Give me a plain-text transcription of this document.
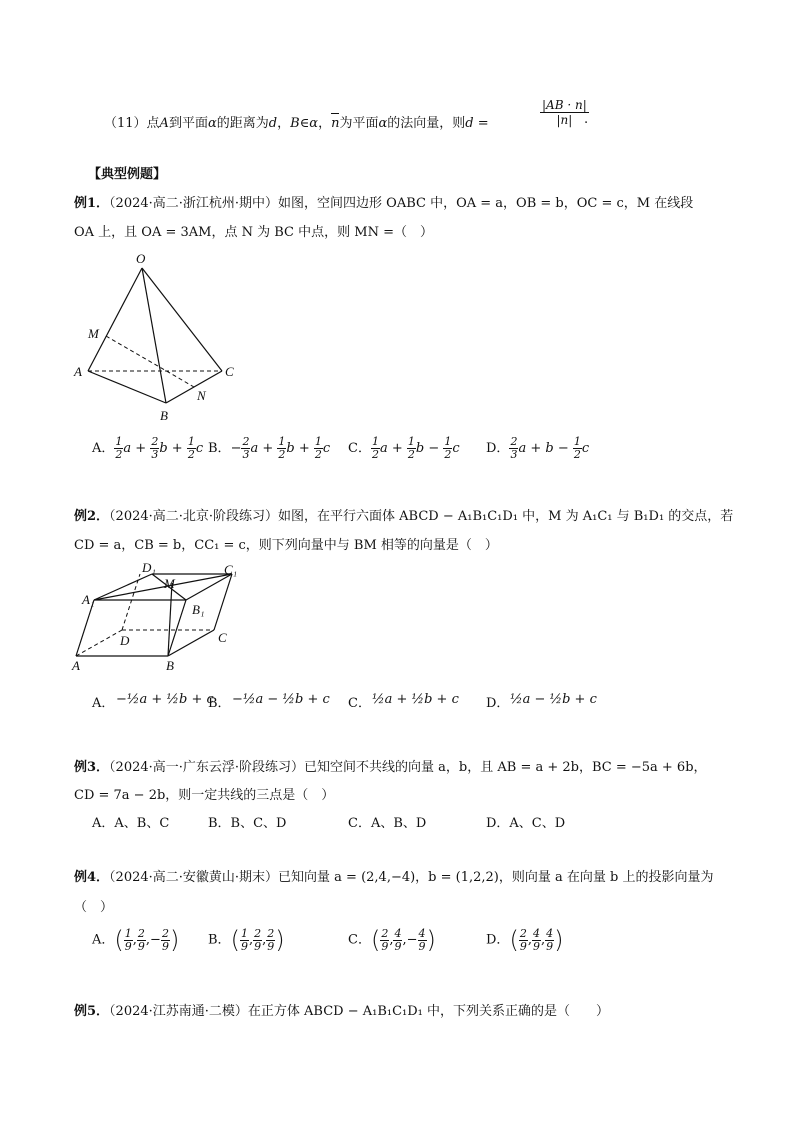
（11）点A到平面α的距离为d，B∈α，n为平面α的法向量，则d =	$\frac{|AB \cdot n|}{|n|}$
.
【典型例题】
例1．（2024·高二·浙江杭州·期中）如图，空间四边形 OABC 中，OA = a，OB = b，OC = c，M 在线段
OA 上，且 OA = 3AM，点 N 为 BC 中点，则 MN =（　）
O
M
A	C
B
N
A． $\frac{1}{2}$ $a + \frac{2}{3}$ $b + \frac{1}{2}$ c B．− $\frac{2}{3}$ $a + \frac{1}{2}$ $b + \frac{1}{2}$ c C． $\frac{1}{2}$ $a + \frac{1}{2}$ $b - \frac{1}{2}$ c D． $\frac{2}{3}$ $a + b - \frac{1}{2}$ c
例2．（2024·高二·北京·阶段练习）如图，在平行六面体 ABCD − A₁B₁C₁D₁ 中，M 为 A₁C₁ 与 B₁D₁ 的交点，若
CD = a，CB = b，CC₁ = c，则下列向量中与 BM 相等的向量是（　）
D₁
M
C₁
A₁
B₁
D	C
A	B
A． −½a + ½b + c
B． −½a − ½b + c C． ½a + ½b + c D． ½a − ½b + c
例3．（2024·高一·广东云浮·阶段练习）已知空间不共线的向量 a，b，且 AB = a + 2b，BC = −5a + 6b，
CD = 7a − 2b，则一定共线的三点是（　）
A．A、B、C	B．B、C、D	C．A、B、D	D．A、C、D
例4．（2024·高二·安徽黄山·期末）已知向量 a = (2,4,−4)，b = (1,2,2)，则向量 a 在向量 b 上的投影向量为
（　）
A．( $\frac{1}{9}$ , $\frac{2}{9}$ ,− $\frac{2}{9}$ ) B．( $\frac{1}{9}$ , $\frac{2}{9}$ , $\frac{2}{9}$ )	C．( $\frac{2}{9}$ , $\frac{4}{9}$ ,− $\frac{4}{9}$ )	D．( $\frac{2}{9}$ , $\frac{4}{9}$ , $\frac{4}{9}$ )
例5．（2024·江苏南通·二模）在正方体 ABCD − A₁B₁C₁D₁ 中，下列关系正确的是（　　）
